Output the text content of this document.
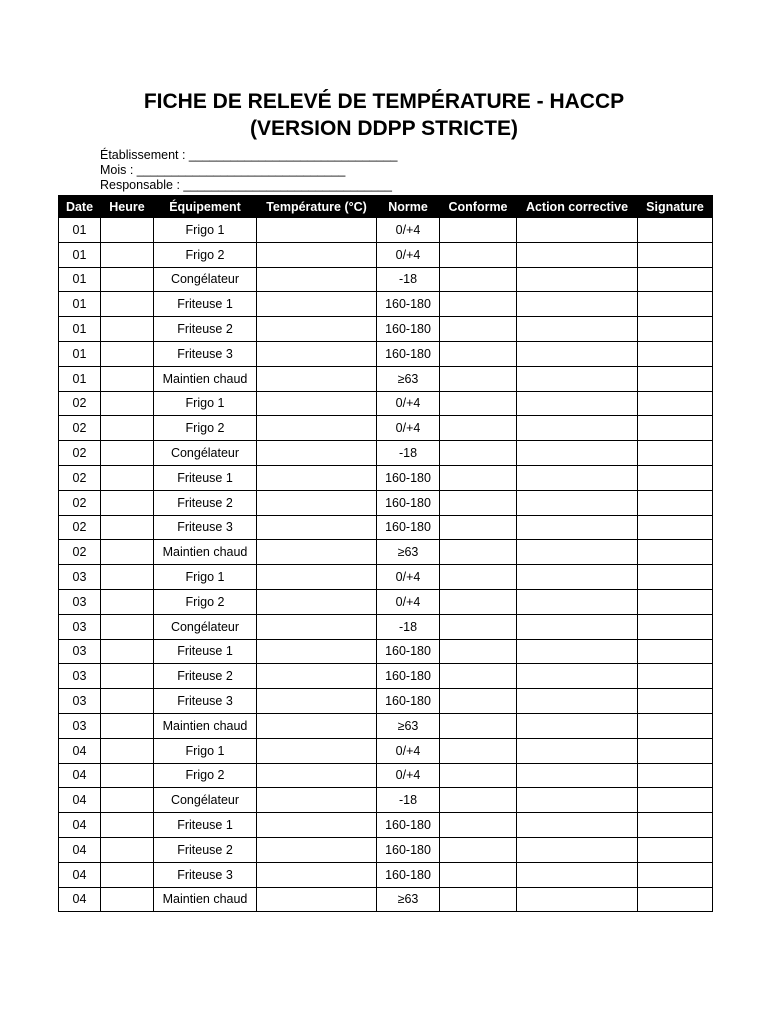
FICHE DE RELEVÉ DE TEMPÉRATURE - HACCP
(VERSION DDPP STRICTE)
Établissement : ______________________________
Mois : ______________________________
Responsable : ______________________________
Date	Heure	Équipement	Température (°C)	Norme	Conforme	Action corrective	Signature
01		Frigo 1		0/+4			
01		Frigo 2		0/+4			
01		Congélateur		-18			
01		Friteuse 1		160-180			
01		Friteuse 2		160-180			
01		Friteuse 3		160-180			
01		Maintien chaud		≥63			
02		Frigo 1		0/+4			
02		Frigo 2		0/+4			
02		Congélateur		-18			
02		Friteuse 1		160-180			
02		Friteuse 2		160-180			
02		Friteuse 3		160-180			
02		Maintien chaud		≥63			
03		Frigo 1		0/+4			
03		Frigo 2		0/+4			
03		Congélateur		-18			
03		Friteuse 1		160-180			
03		Friteuse 2		160-180			
03		Friteuse 3		160-180			
03		Maintien chaud		≥63			
04		Frigo 1		0/+4			
04		Frigo 2		0/+4			
04		Congélateur		-18			
04		Friteuse 1		160-180			
04		Friteuse 2		160-180			
04		Friteuse 3		160-180			
04		Maintien chaud		≥63			
